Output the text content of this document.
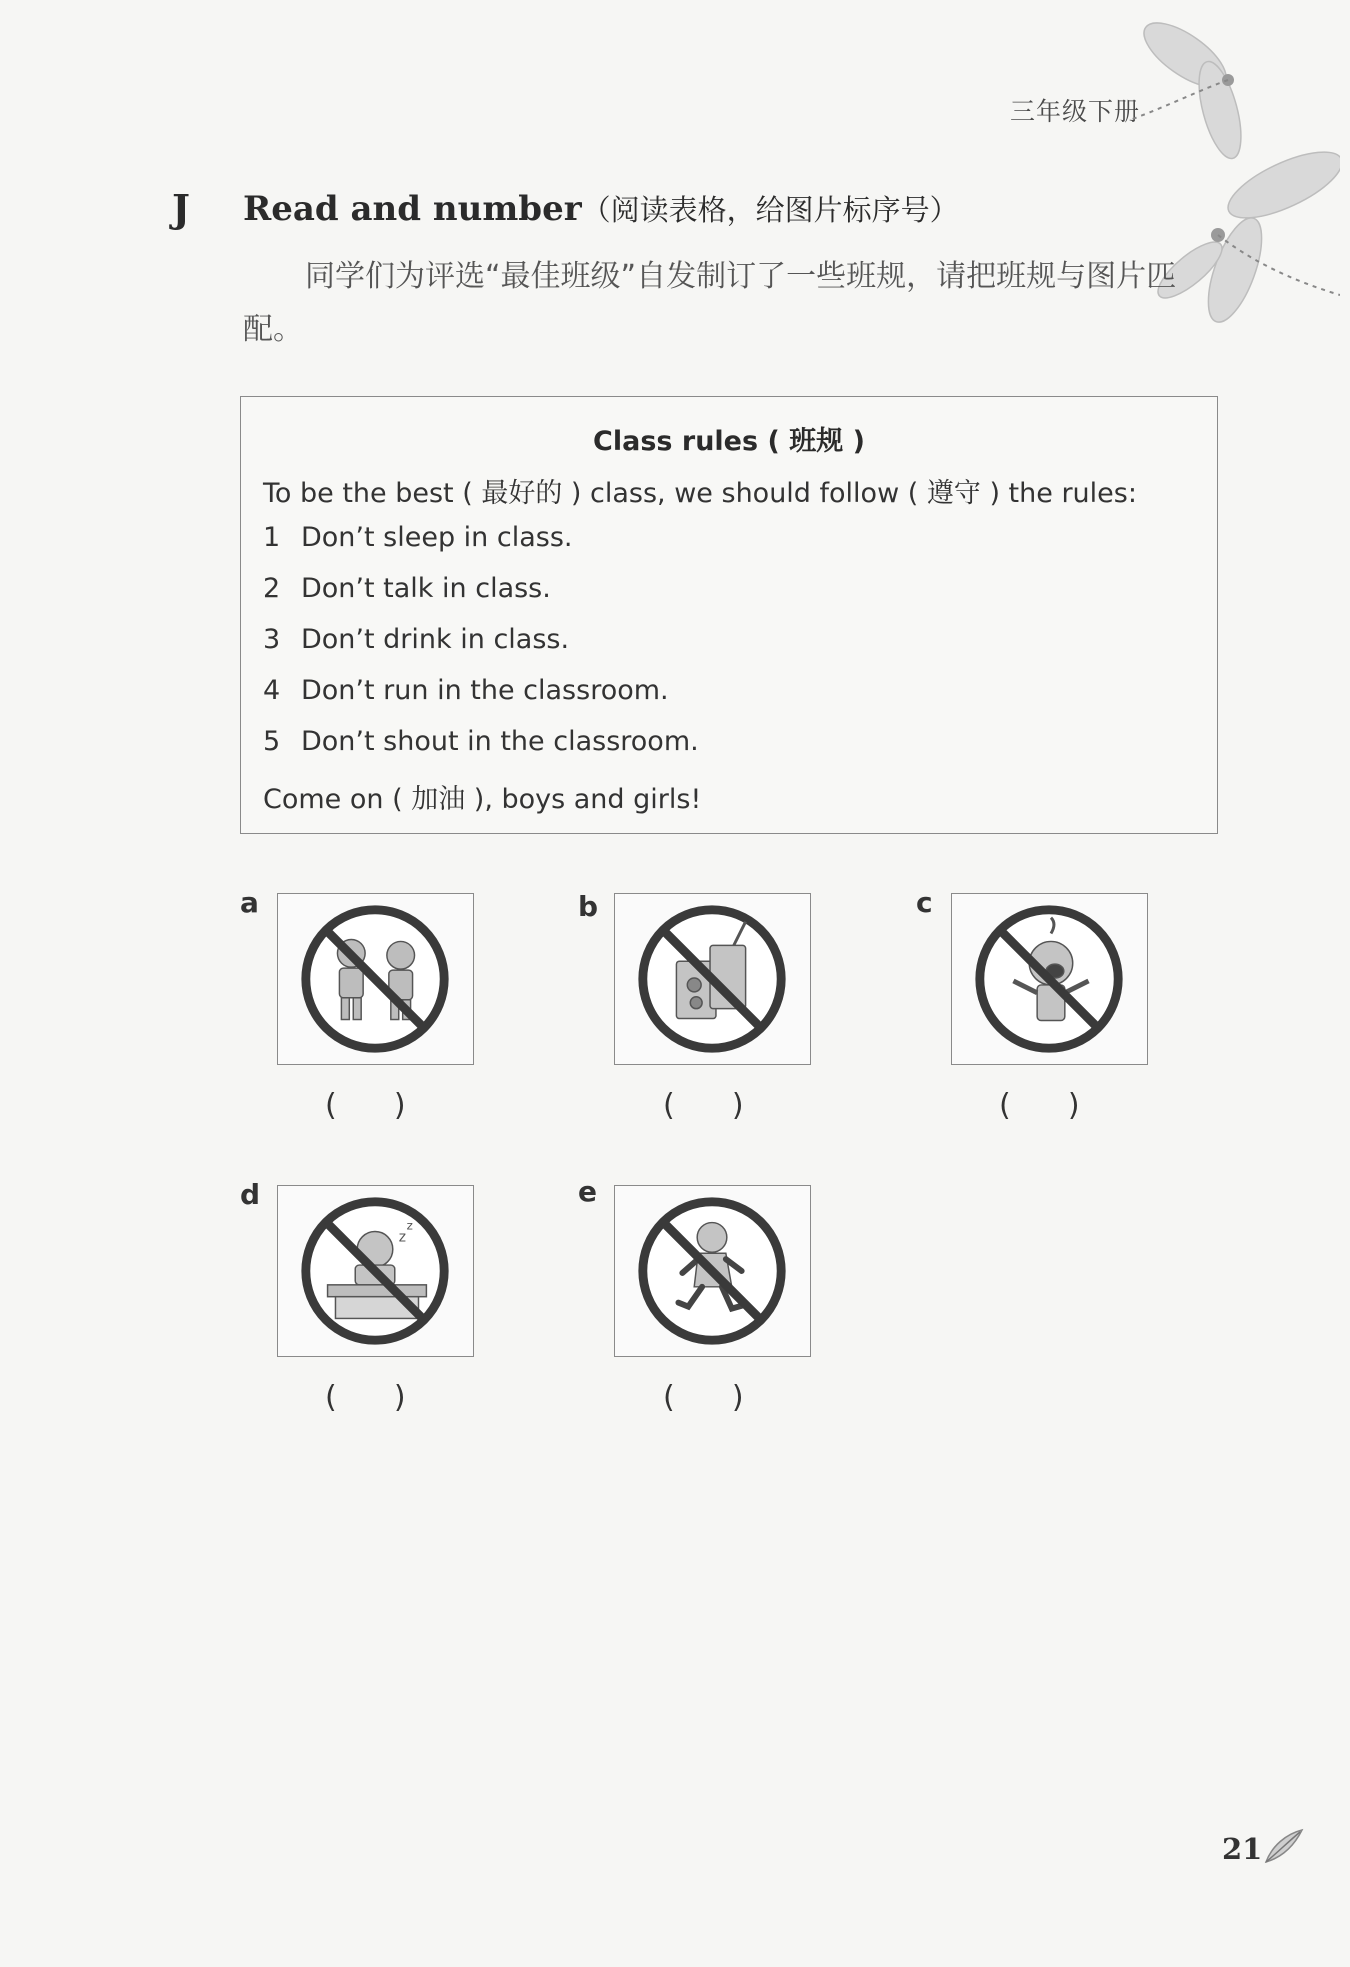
三年级下册
J Read and number（阅读表格，给图片标序号）
同学们为评选“最佳班级”自发制订了一些班规，请把班规与图片匹配。
Class rules ( 班规 )
To be the best ( 最好的 ) class, we should follow ( 遵守 ) the rules:
1 Don’t sleep in class.
2 Don’t talk in class.
3 Don’t drink in class.
4 Don’t run in the classroom.
5 Don’t shout in the classroom.
Come on ( 加油 ), boys and girls!
a
(      )
b
(      )
c
(      )
d
z
z
(      )
e
(      )
21
